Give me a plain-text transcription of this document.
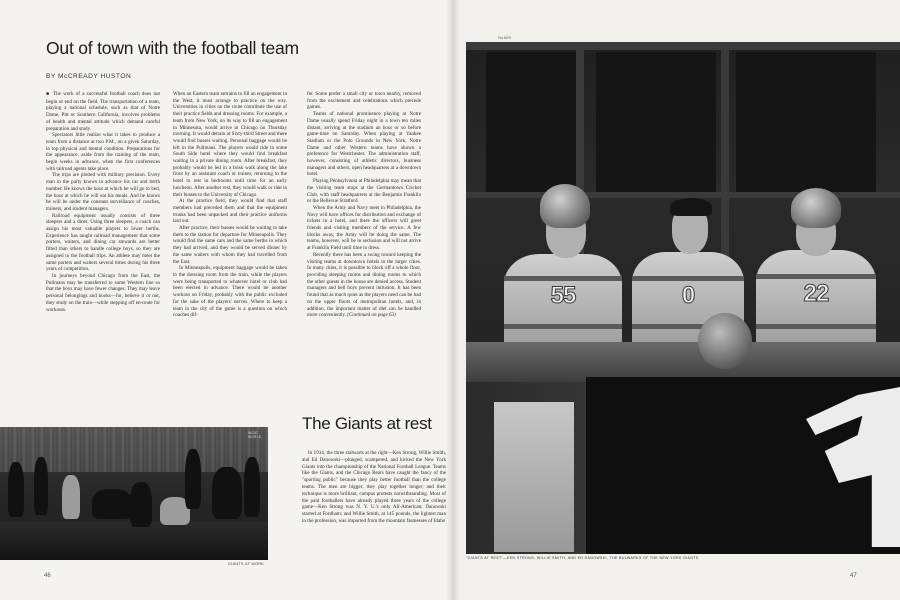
Out of town with the football team
BY McCREADY HUSTON

■ The work of a successful football coach does not begin or end on the field. The transportation of a team, playing a national schedule, such as that of Notre Dame, Pitt or Southern California, involves problems of health and mental attitude which demand careful preparation and study.

Spectators little realize what it takes to produce a team from a distance at two P.M., on a given Saturday, in top physical and mental condition. Preparations for the appearance, aside from the training of the team, begin weeks in advance, when the first conferences with railroad agents take place.

The trips are plotted with military precision. Every man in the party knows in advance his car and berth number. He knows the hour at which he will go to bed, the hour at which he will eat his meals. And he knows he will be under the constant surveillance of coaches, trainers, and student managers.

Railroad equipment usually consists of three sleepers and a diner. Using three sleepers, a coach can assign his most valuable players to lower berths. Experience has taught railroad management that some porters, waiters, and dining car stewards are better fitted than others to handle college boys, so they are assigned to the football trips. An athlete may meet the same porters and waiters several times during his three years of competition.

In journeys beyond Chicago from the East, the Pullmans may be transferred to some Western line so that the boys may have fewer changes. They may leave personal belongings and books—for, believe it or not, they study on the train—while stepping off en-route for workouts.

When an Eastern team entrains to fill an engagement in the West, it must arrange to practice on the way. Universities in cities on the route contribute the use of their practice fields and dressing rooms. For example, a team from New York, on its way to fill an engagement in Minnesota, would arrive in Chicago on Thursday morning. It would detrain at Sixty-third Street and there would find busses waiting. Personal baggage would be left in the Pullmans. The players would ride to some South Side hotel where they would find breakfast waiting in a private dining room. After breakfast, they probably would be led in a brisk walk along the lake front by an assistant coach or trainer, returning to the hotel to rest in bedrooms until time for an early luncheon. After another rest, they would walk or ride in their busses to the University of Chicago.

At the practice field, they would find that staff members had preceded them and that the equipment trunks had been unpacked and their practice uniforms laid out.

After practice, their busses would be waiting to take them to the station for departure for Minneapolis. They would find the same cars and the same berths in which they had arrived, and they would be served dinner by the same waiters with whom they had travelled from the East.

In Minneapolis, equipment baggage would be taken to the dressing room from the train, while the players were being transported to whatever hotel or club had been elected in advance. There would be another workout on Friday, probably with the public excluded for the sake of the players' nerves. Where to keep a team in the city of the game is a question on which coaches dif-

fer. Some prefer a small city or town nearby, removed from the excitement and celebrations which precede games.

Teams of national prominence playing at Notre Dame usually spend Friday night in a town ten miles distant, arriving at the stadium an hour or so before game-time on Saturday. When playing at Yankee Stadium or the Polo Grounds in New York, Notre Dame and other Western teams have shown a preference for Westchester. The administration staff, however, consisting of athletic directors, business managers and others, open headquarters at a downtown hotel.

Playing Pennsylvania at Philadelphia may mean that the visiting team stops at the Germantown Cricket Club, with staff headquarters at the Benjamin Franklin or the Bellevue Stratford.

When the Army and Navy meet in Philadelphia, the Navy will have offices for distribution and exchange of tickets in a hotel, and there the officers will greet friends and visiting members of the service. A few blocks away, the Army will be doing the same. The teams, however, will be in seclusion and will not arrive at Franklin Field until time to dress.

Recently there has been a swing toward keeping the visiting teams at downtown hotels in the larger cities. In many cities, it is possible to block off a whole floor, providing sleeping rooms and dining rooms to which the other guests in the house are denied access. Student managers and bell boys prevent intrusion. It has been found that as much quiet as the players need can be had on the upper floors of metropolitan hotels, and, in addition, the important matter of diet can be handled more conveniently. (Continued on page 63)

WIDE WORLD
GIANTS AT WORK
The Giants at rest

In 1934, the three stalwarts at the right—Ken Strong, Willie Smith, and Ed Danowski—plunged, scampered, and kicked the New York Giants into the championship of the National Football League. Teams like the Giants, and the Chicago Bears have caught the fancy of the "sporting public" because they play better football than the college teams. The men are bigger; they play together longer; and their technique is more brilliant, campus protests notwithstanding. Most of the paid footballers have already played three years of the college game—Ken Strong was N. Y. U.'s only All-American; Danowski starred at Fordham; and Willie Smith, at 145 pounds, the lightest man in the profession, was imported from the mountain fastnesses of Idaho

46
PALMER
55	0	22
"GIANTS AT REST"—KEN STRONG, WILLIE SMITH, AND ED DANOWSKI, THE BULWARKS OF THE NEW YORK GIANTS
47
